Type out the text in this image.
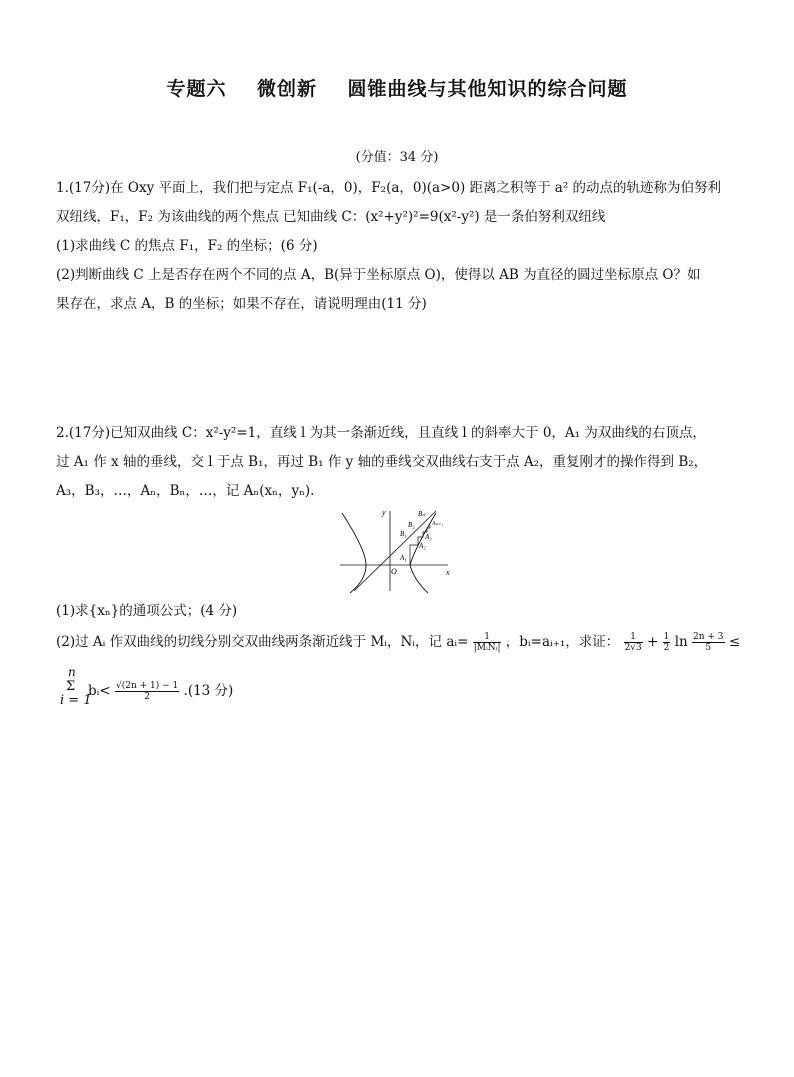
专题六    微创新    圆锥曲线与其他知识的综合问题
(分值：34 分)
1.(17分)在 Oxy 平面上，我们把与定点 F₁(-a，0)，F₂(a，0)(a>0) 距离之积等于 a² 的动点的轨迹称为伯努利
双纽线，F₁，F₂ 为该曲线的两个焦点 已知曲线 C：(x²+y²)²=9(x²-y²) 是一条伯努利双纽线
(1)求曲线 C 的焦点 F₁，F₂ 的坐标；(6 分)
(2)判断曲线 C 上是否存在两个不同的点 A，B(异于坐标原点 O)，使得以 AB 为直径的圆过坐标原点 O？如
果存在，求点 A，B 的坐标；如果不存在，请说明理由(11 分)
2.(17分)已知双曲线 C：x²-y²=1，直线 l 为其一条渐近线，且直线 l 的斜率大于 0，A₁ 为双曲线的右顶点，
过 A₁ 作 x 轴的垂线，交 l 于点 B₁，再过 B₁ 作 y 轴的垂线交双曲线右支于点 A₂，重复刚才的操作得到 B₂，
A₃，B₃，…，Aₙ，Bₙ，…，记 Aₙ(xₙ，yₙ).
y
x
O
A₁
B₁
A₂
B₂
A₃
Bₙ
Aₙ₊₁
(1)求{xₙ}的通项公式；(4 分)
(2)过 Aᵢ 作双曲线的切线分别交双曲线两条渐近线于 Mᵢ，Nᵢ，记 aᵢ= $\frac{1}{\text{|MᵢNᵢ|}}$ ，bᵢ=aᵢ₊₁，求证： $\frac{1}{2√3} + \frac{1}{2}$ $\ln \frac{2n + 3}{5}$ ≤
n
Σ
i = 1
bᵢ< $\frac{√(2n + 1) - 1}{2} .(13$ 分)
